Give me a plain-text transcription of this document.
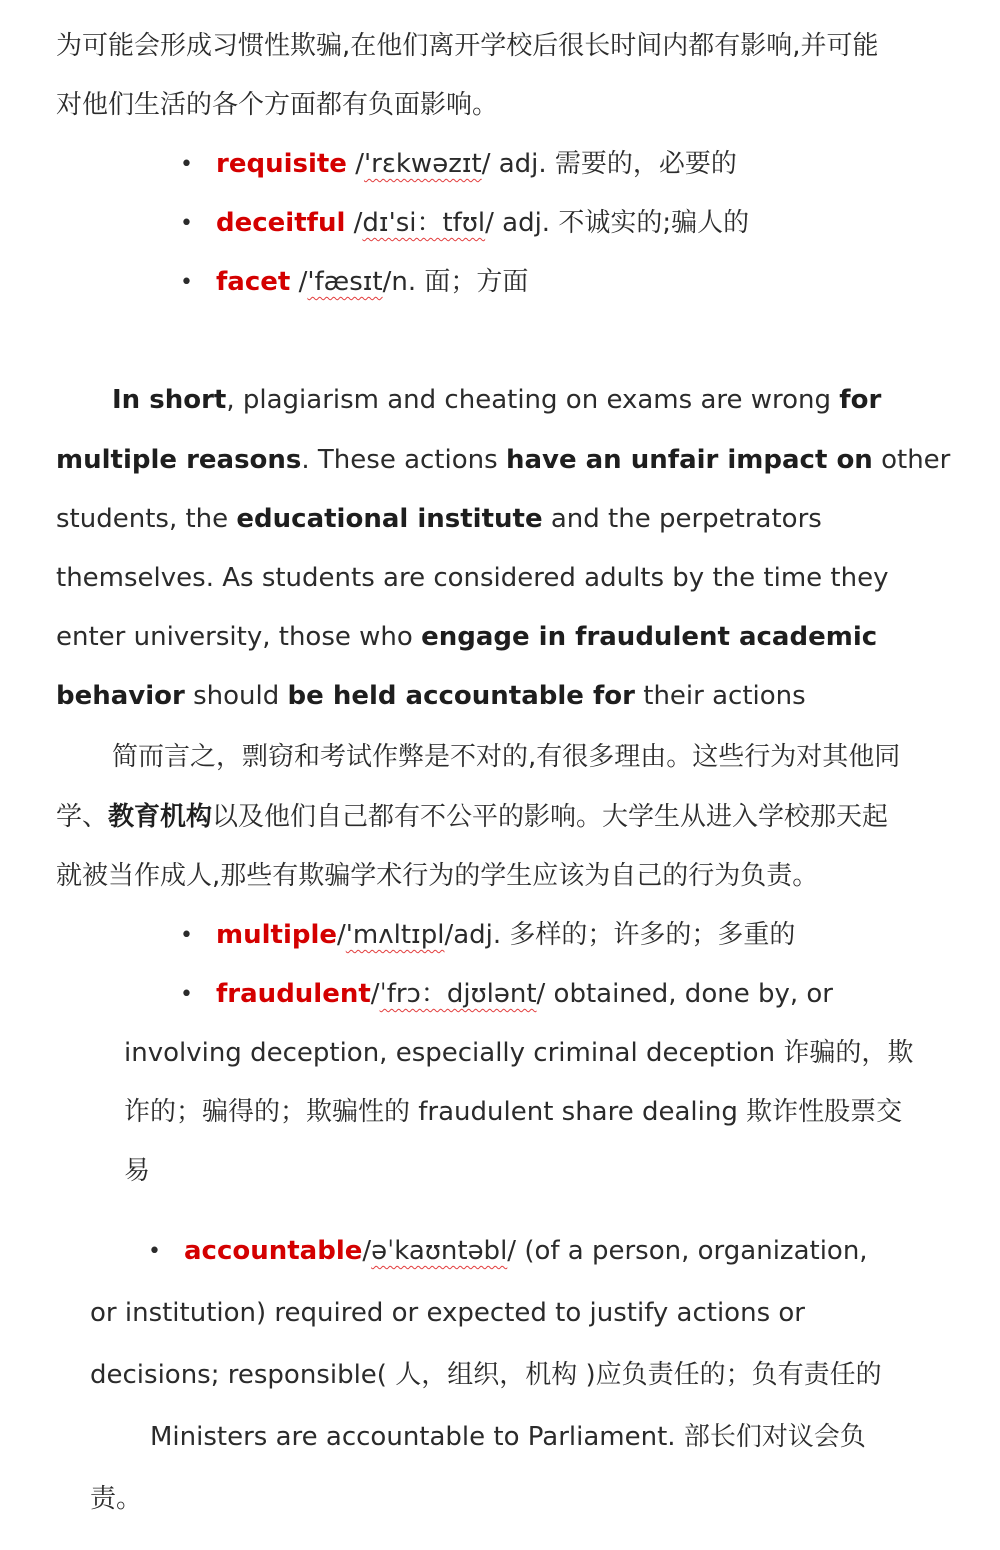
为可能会形成习惯性欺骗,在他们离开学校后很长时间内都有影响,并可能
对他们生活的各个方面都有负面影响。
• requisite /'rɛkwəzɪt/ adj. 需要的，必要的
• deceitful /dɪ'si：tfʊl/ adj. 不诚实的;骗人的
• facet /'fæsɪt/n. 面；方面
In short, plagiarism and cheating on exams are wrong for
multiple reasons. These actions have an unfair impact on other
students, the educational institute and the perpetrators
themselves. As students are considered adults by the time they
enter university, those who engage in fraudulent academic
behavior should be held accountable for their actions
简而言之，剽窃和考试作弊是不对的,有很多理由。这些行为对其他同
学、教育机构以及他们自己都有不公平的影响。大学生从进入学校那天起
就被当作成人,那些有欺骗学术行为的学生应该为自己的行为负责。
• multiple/'mʌltɪpl/adj. 多样的；许多的；多重的
• fraudulent/ˈfrɔ：djʊlənt/ obtained, done by, or
involving deception, especially criminal deception 诈骗的，欺
诈的；骗得的；欺骗性的 fraudulent share dealing 欺诈性股票交
易
• accountable/əˈkaʊntəbl/ (of a person, organization,
or institution) required or expected to justify actions or
decisions; responsible( 人，组织，机构 )应负责任的；负有责任的
Ministers are accountable to Parliament. 部长们对议会负
责。
